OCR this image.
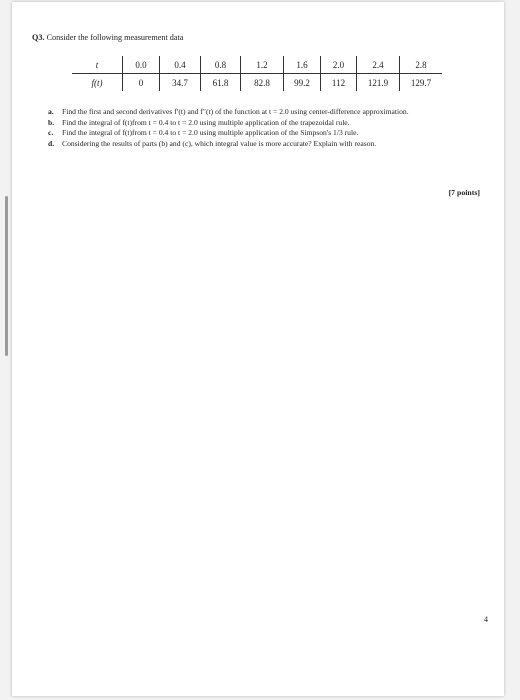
Q3. Consider the following measurement data
t	0.0	0.4	0.8	1.2	1.6	2.0	2.4	2.8
f(t)	0	34.7	61.8	82.8	99.2	112	121.9	129.7
a. Find the first and second derivatives f′(t) and f″(t) of the function at t = 2.0 using center-difference approximation.
b. Find the integral of f(t)from t = 0.4 to t = 2.0 using multiple application of the trapezoidal rule.
c. Find the integral of f(t)from t = 0.4 to t = 2.0 using multiple application of the Simpson's 1/3 rule.
d. Considering the results of parts (b) and (c), which integral value is more accurate? Explain with reason.
[7 points]
4
